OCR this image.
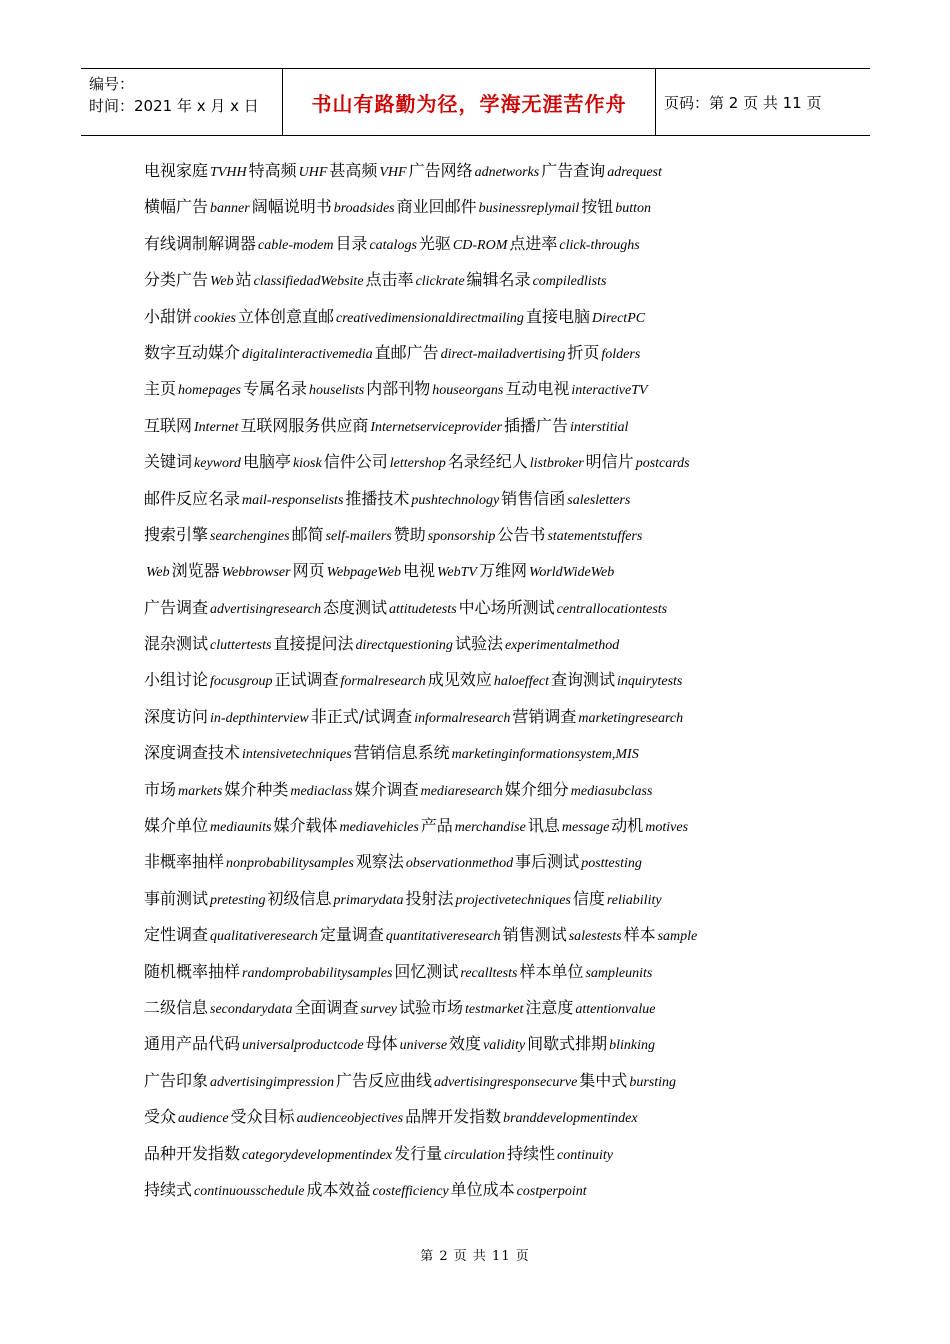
编号：
时间：2021 年 x 月 x 日	书山有路勤为径，学海无涯苦作舟	页码：第 2 页 共 11 页
电视家庭 TVHH 特高频 UHF 甚高频 VHF 广告网络 adnetworks 广告查询 adrequest
横幅广告 banner 阔幅说明书 broadsides 商业回邮件 businessreplymail 按钮 button
有线调制解调器 cable-modem 目录 catalogs 光驱 CD-ROM 点进率 click-throughs
分类广告 Web 站 classifiedadWebsite 点击率 clickrate 编辑名录 compiledlists
小甜饼 cookies 立体创意直邮 creativedimensionaldirectmailing 直接电脑 DirectPC
数字互动媒介 digitalinteractivemedia 直邮广告 direct-mailadvertising 折页 folders
主页 homepages 专属名录 houselists 内部刊物 houseorgans 互动电视 interactiveTV
互联网 Internet 互联网服务供应商 Internetserviceprovider 插播广告 interstitial
关键词 keyword 电脑亭 kiosk 信件公司 lettershop 名录经纪人 listbroker 明信片 postcards
邮件反应名录 mail-responselists 推播技术 pushtechnology 销售信函 salesletters
搜索引擎 searchengines 邮简 self-mailers 赞助 sponsorship 公告书 statementstuffers
Web 浏览器 Webbrowser 网页 WebpageWeb 电视 WebTV 万维网 WorldWideWeb
广告调查 advertisingresearch 态度测试 attitudetests 中心场所测试 centrallocationtests
混杂测试 cluttertests 直接提问法 directquestioning 试验法 experimentalmethod
小组讨论 focusgroup 正试调查 formalresearch 成见效应 haloeffect 查询测试 inquirytests
深度访问 in-depthinterview 非正式/试调查 informalresearch 营销调查 marketingresearch
深度调查技术 intensivetechniques 营销信息系统 marketinginformationsystem,MIS
市场 markets 媒介种类 mediaclass 媒介调查 mediaresearch 媒介细分 mediasubclass
媒介单位 mediaunits 媒介载体 mediavehicles 产品 merchandise 讯息 message 动机 motives
非概率抽样 nonprobabilitysamples 观察法 observationmethod 事后测试 posttesting
事前测试 pretesting 初级信息 primarydata 投射法 projectivetechniques 信度 reliability
定性调查 qualitativeresearch 定量调查 quantitativeresearch 销售测试 salestests 样本 sample
随机概率抽样 randomprobabilitysamples 回忆测试 recalltests 样本单位 sampleunits
二级信息 secondarydata 全面调查 survey 试验市场 testmarket 注意度 attentionvalue
通用产品代码 universalproductcode 母体 universe 效度 validity 间歇式排期 blinking
广告印象 advertisingimpression 广告反应曲线 advertisingresponsecurve 集中式 bursting
受众 audience 受众目标 audienceobjectives 品牌开发指数 branddevelopmentindex
品种开发指数 categorydevelopmentindex 发行量 circulation 持续性 continuity
持续式 continuousschedule 成本效益 costefficiency 单位成本 costperpoint
第 2 页 共 11 页
